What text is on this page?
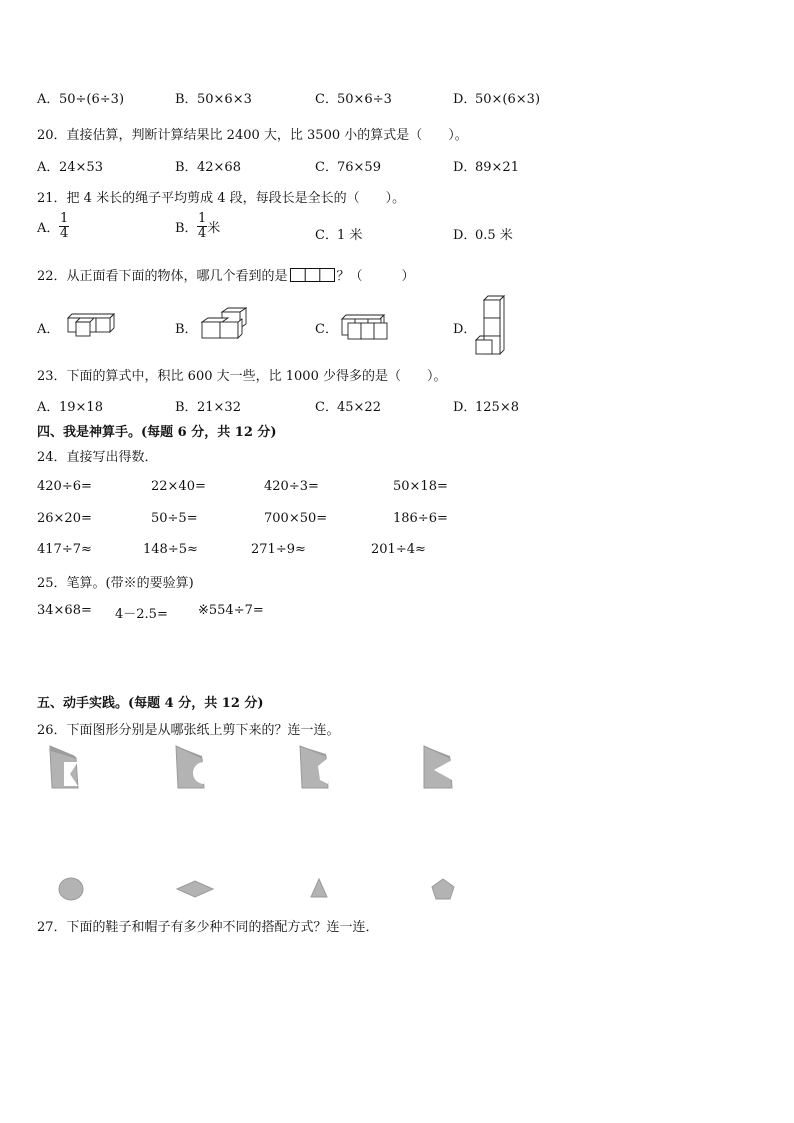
A．50÷(6÷3)	B．50×6×3	C．50×6÷3	D．50×(6×3)
20．直接估算，判断计算结果比 2400 大，比 3500 小的算式是（　　）。
A．24×53	B．42×68	C．76×59	D．89×21
21．把 4 米长的绳子平均剪成 4 段，每段长是全长的（　　）。
A． $\frac{1}{4}$	B． $\frac{1}{4}$ 米	C．1 米	D．0.5 米
22．从正面看下面的物体，哪几个看到的是	？（　　　）
A．	B．	C．	D．
23．下面的算式中，积比 600 大一些，比 1000 少得多的是（　　）。
A．19×18	B．21×32	C．45×22	D．125×8
四、我是神算手。(每题 6 分，共 12 分)
24．直接写出得数．
420÷6=	22×40=	420÷3=	50×18=
26×20=	50÷5=	700×50=	186÷6=
417÷7≈	148÷5≈	271÷9≈	201÷4≈
25．笔算。(带※的要验算)
34×68= 4－2.5= ※554÷7=
五、动手实践。(每题 4 分，共 12 分)
26．下面图形分别是从哪张纸上剪下来的？连一连。
27．下面的鞋子和帽子有多少种不同的搭配方式？连一连．
